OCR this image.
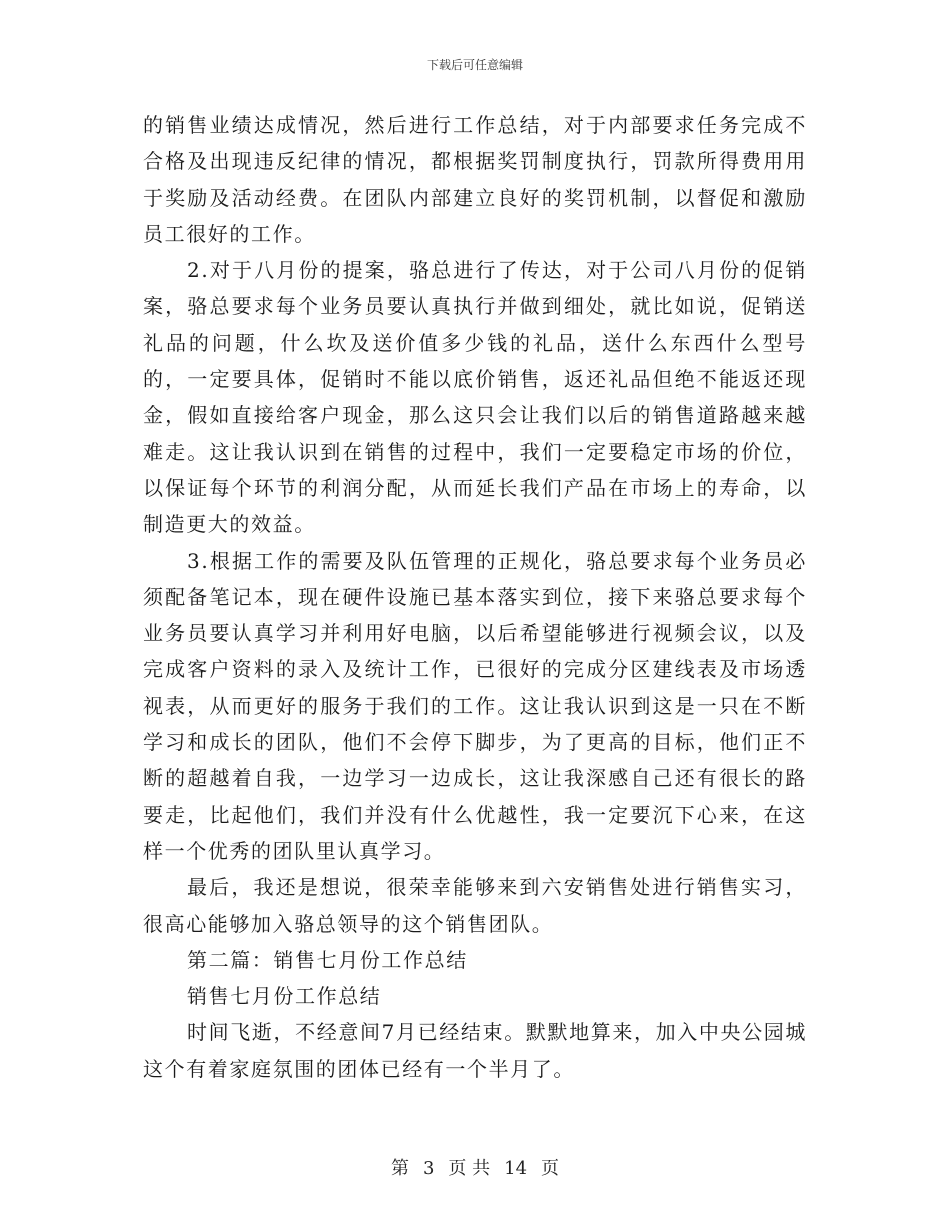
下载后可任意编辑

的销售业绩达成情况，然后进行工作总结，对于内部要求任务完成不合格及出现违反纪律的情况，都根据奖罚制度执行，罚款所得费用用于奖励及活动经费。在团队内部建立良好的奖罚机制，以督促和激励员工很好的工作。

2.对于八月份的提案，骆总进行了传达，对于公司八月份的促销案，骆总要求每个业务员要认真执行并做到细处，就比如说，促销送礼品的问题，什么坎及送价值多少钱的礼品，送什么东西什么型号的，一定要具体，促销时不能以底价销售，返还礼品但绝不能返还现金，假如直接给客户现金，那么这只会让我们以后的销售道路越来越难走。这让我认识到在销售的过程中，我们一定要稳定市场的价位，以保证每个环节的利润分配，从而延长我们产品在市场上的寿命，以制造更大的效益。

3.根据工作的需要及队伍管理的正规化，骆总要求每个业务员必须配备笔记本，现在硬件设施已基本落实到位，接下来骆总要求每个业务员要认真学习并利用好电脑，以后希望能够进行视频会议，以及完成客户资料的录入及统计工作，已很好的完成分区建线表及市场透视表，从而更好的服务于我们的工作。这让我认识到这是一只在不断学习和成长的团队，他们不会停下脚步，为了更高的目标，他们正不断的超越着自我，一边学习一边成长，这让我深感自己还有很长的路要走，比起他们，我们并没有什么优越性，我一定要沉下心来，在这样一个优秀的团队里认真学习。

最后，我还是想说，很荣幸能够来到六安销售处进行销售实习，很高心能够加入骆总领导的这个销售团队。

第二篇：销售七月份工作总结

销售七月份工作总结

时间飞逝，不经意间7月已经结束。默默地算来，加入中央公园城这个有着家庭氛围的团体已经有一个半月了。

第 3 页 共 14 页
